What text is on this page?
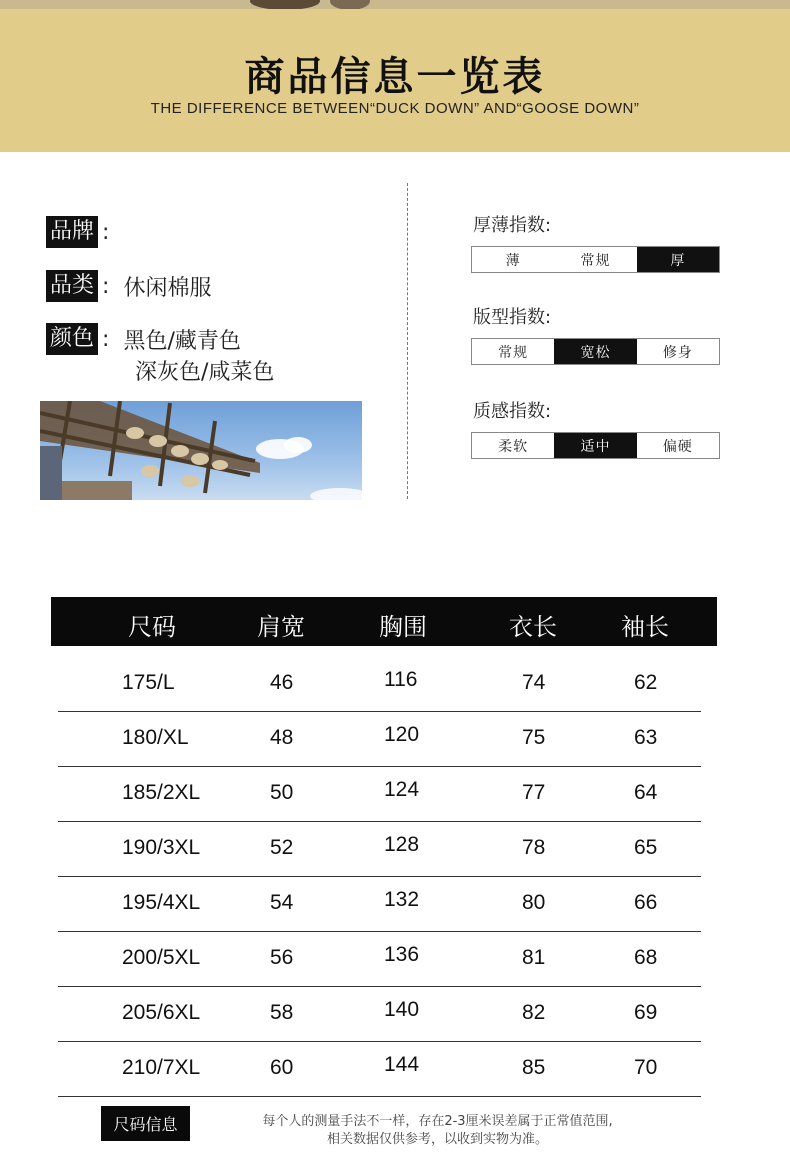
商品信息一览表
THE DIFFERENCE BETWEEN“DUCK DOWN” AND“GOOSE DOWN”
品牌 :
品类 : 休闲棉服
颜色 : 黑色/藏青色
深灰色/咸菜色
厚薄指数:
薄	常规	厚
版型指数:
常规	宽松	修身
质感指数:
柔软	适中	偏硬
尺码	肩宽	胸围	衣长	袖长
175/L	46	116	74	62
180/XL	48	120	75	63
185/2XL	50	124	77	64
190/3XL	52	128	78	65
195/4XL	54	132	80	66
200/5XL	56	136	81	68
205/6XL	58	140	82	69
210/7XL	60	144	85	70
尺码信息	每个人的测量手法不一样，存在2-3厘米误差属于正常值范围,
相关数据仅供参考，以收到实物为准。
